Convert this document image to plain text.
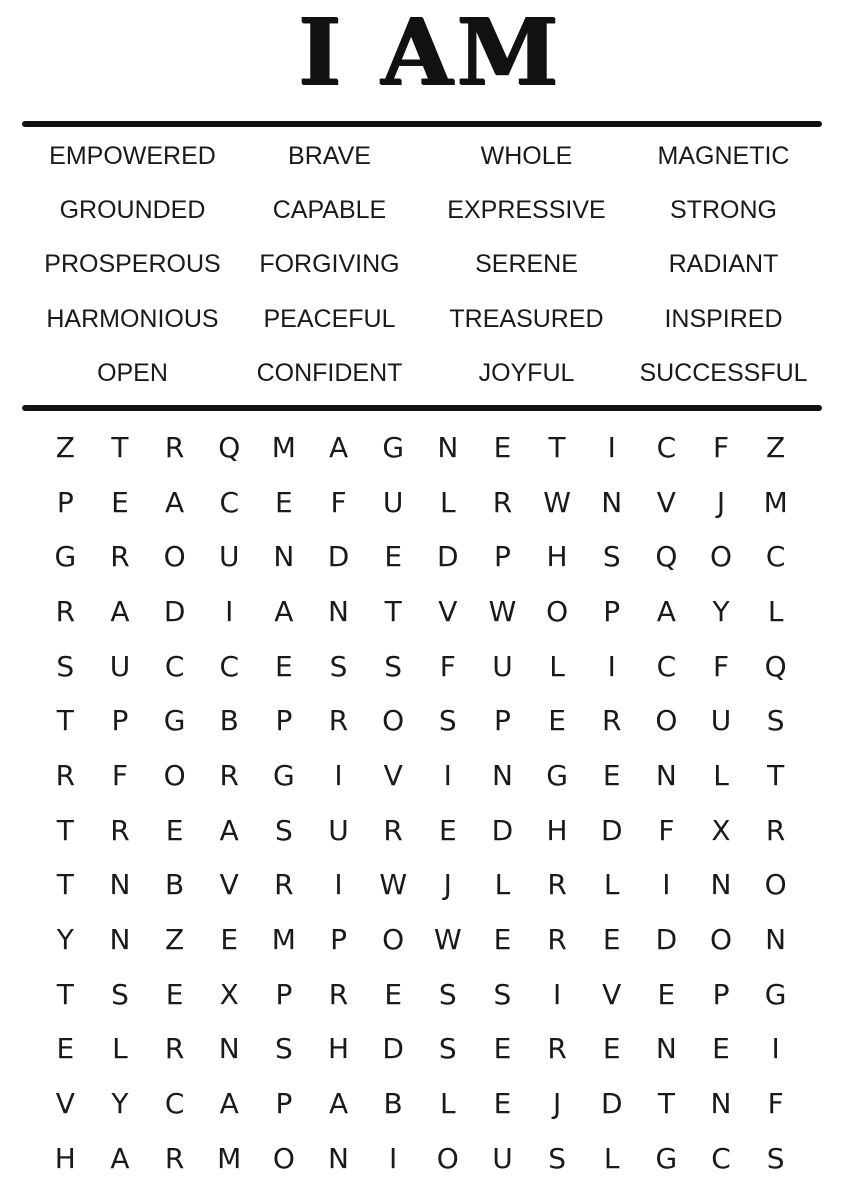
I AM
EMPOWERED	BRAVE	WHOLE	MAGNETIC
GROUNDED	CAPABLE	EXPRESSIVE	STRONG
PROSPEROUS	FORGIVING	SERENE	RADIANT
HARMONIOUS	PEACEFUL	TREASURED	INSPIRED
OPEN	CONFIDENT	JOYFUL	SUCCESSFUL
Z	T	R	Q	M	A	G	N	E	T	I	C	F	Z
P	E	A	C	E	F	U	L	R	W	N	V	J	M
G	R	O	U	N	D	E	D	P	H	S	Q	O	C
R	A	D	I	A	N	T	V	W	O	P	A	Y	L
S	U	C	C	E	S	S	F	U	L	I	C	F	Q
T	P	G	B	P	R	O	S	P	E	R	O	U	S
R	F	O	R	G	I	V	I	N	G	E	N	L	T
T	R	E	A	S	U	R	E	D	H	D	F	X	R
T	N	B	V	R	I	W	J	L	R	L	I	N	O
Y	N	Z	E	M	P	O	W	E	R	E	D	O	N
T	S	E	X	P	R	E	S	S	I	V	E	P	G
E	L	R	N	S	H	D	S	E	R	E	N	E	I
V	Y	C	A	P	A	B	L	E	J	D	T	N	F
H	A	R	M	O	N	I	O	U	S	L	G	C	S
